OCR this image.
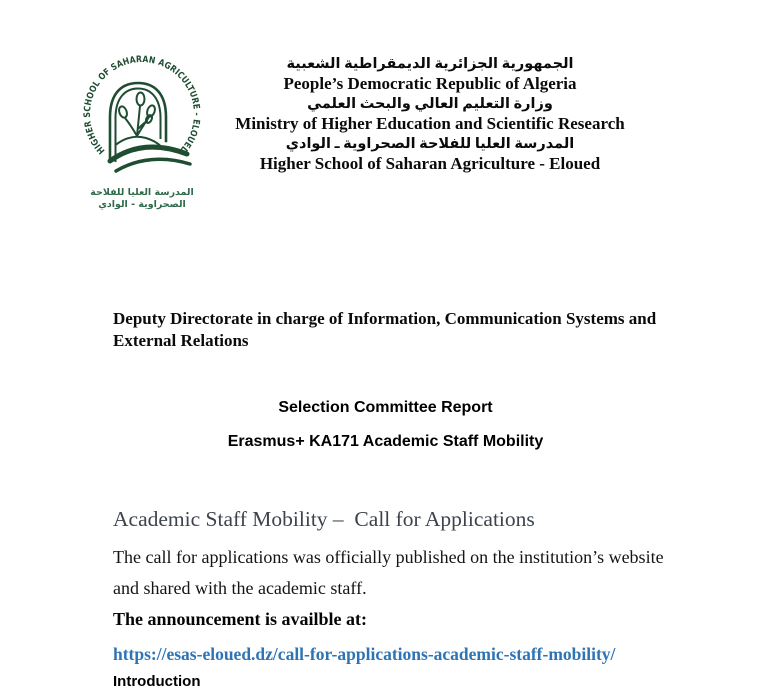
HIGHER SCHOOL OF SAHARAN AGRICULTURE - ELOUED
المدرسة العليا للفلاحة الصحراوية - الوادي
الجمهورية الجزائرية الديمقراطية الشعبية
People’s Democratic Republic of Algeria
وزارة التعليم العالي والبحث العلمي
Ministry of Higher Education and Scientific Research
المدرسة العليا للفلاحة الصحراوية ـ الوادي
Higher School of Saharan Agriculture - Eloued

Deputy Directorate in charge of Information, Communication Systems and External Relations

Selection Committee Report
Erasmus+ KA171 Academic Staff Mobility
Academic Staff Mobility –  Call for Applications

The call for applications was officially published on the institution’s website and shared with the academic staff.

The announcement is availble at:

https://esas-eloued.dz/call-for-applications-academic-staff-mobility/
Introduction
